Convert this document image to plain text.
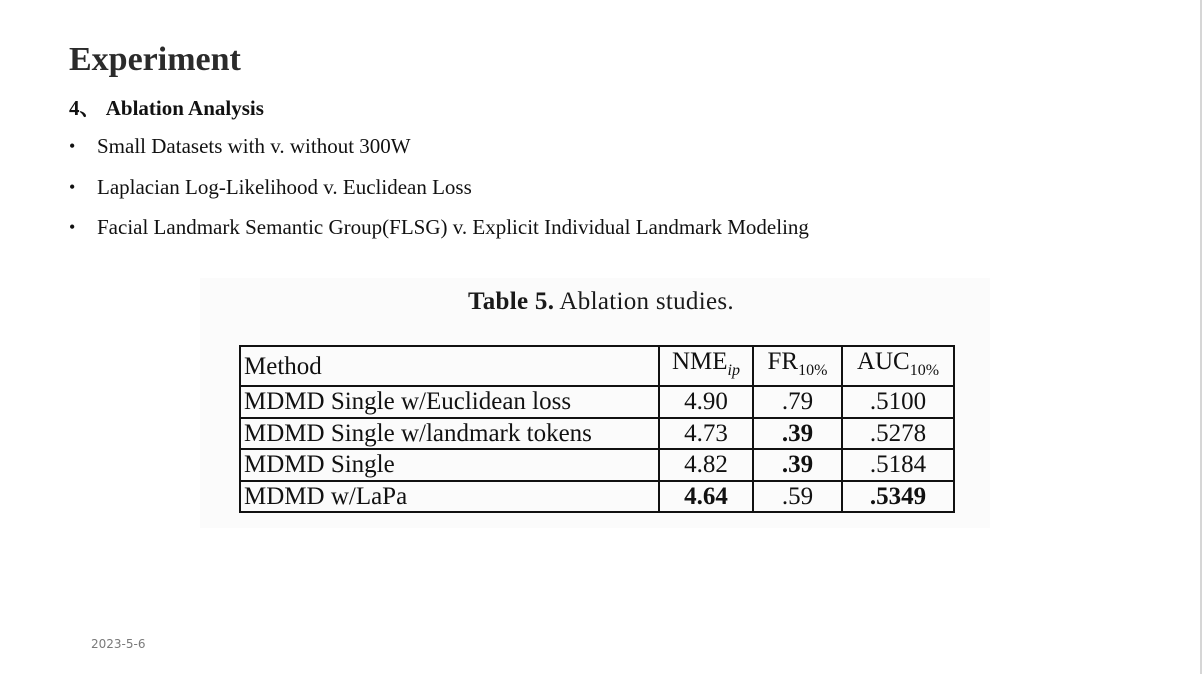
Experiment
4、 Ablation Analysis
• Small Datasets with v. without 300W
• Laplacian Log-Likelihood v. Euclidean Loss
• Facial Landmark Semantic Group(FLSG) v. Explicit Individual Landmark Modeling
Table 5. Ablation studies.
Method	$NME_{ip}$	$FR_{10\%}$	$AUC_{10\%}$
MDMD Single w/Euclidean loss	4.90	.79	.5100
MDMD Single w/landmark tokens	4.73	.39	.5278
MDMD Single	4.82	.39	.5184
MDMD w/LaPa	4.64	.59	.5349
2023-5-6
